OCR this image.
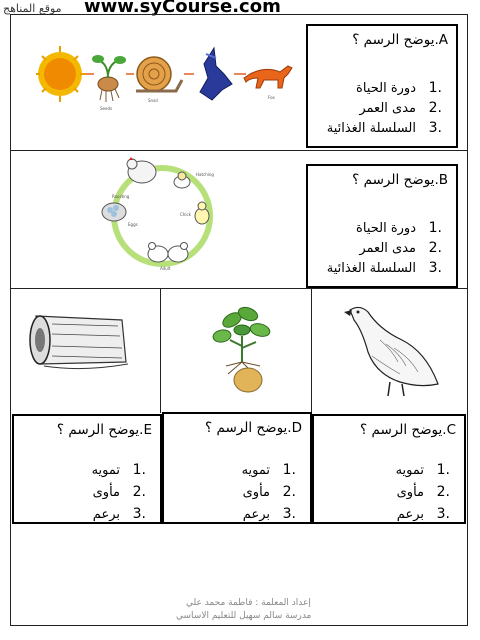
www.syCourse.com
موقع المناهج
Seeds
Snail
Fox
Hatching
Chick
Adult
Eggs
Roosting
A.يوضح الرسم ؟
1.دورة الحياة
2.مدى العمر
3.السلسلة الغذائية
B.يوضح الرسم ؟
1.دورة الحياة
2.مدى العمر
3.السلسلة الغذائية
E.يوضح الرسم ؟
1.تمويه
2.مأوى
3.برعم
D.يوضح الرسم ؟
1.تمويه
2.مأوى
3.برعم
C.يوضح الرسم ؟
1.تمويه
2.مأوى
3.برعم
إعداد المعلمة : فاطمة محمد علي
مدرسة سالم سهيل للتعليم الاساسي
